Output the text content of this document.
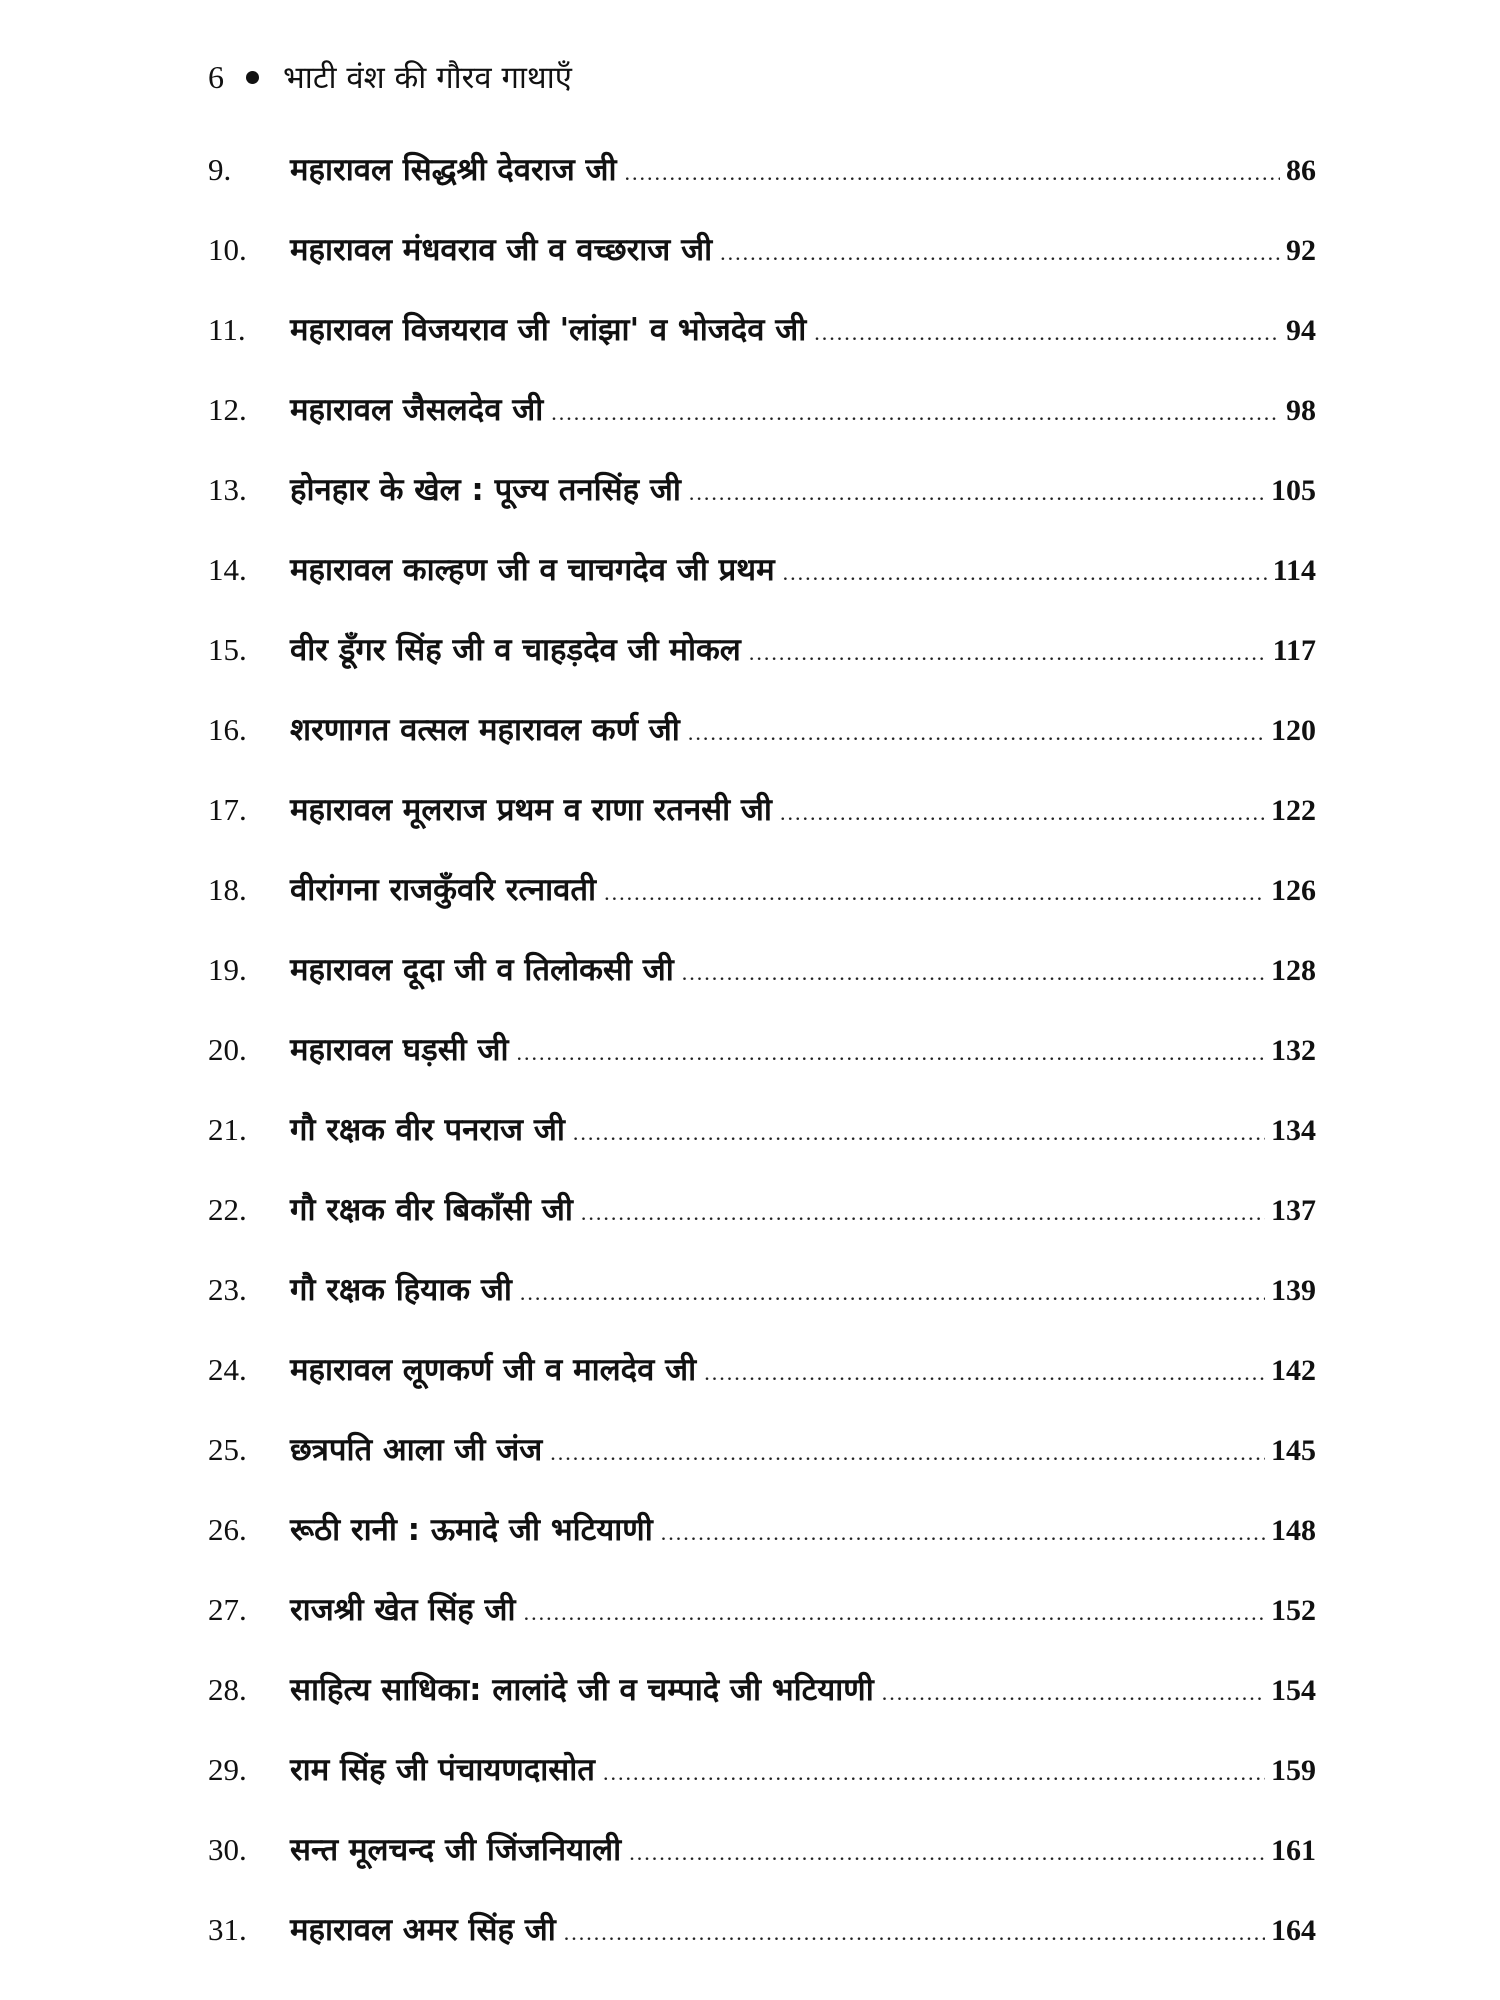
6 भाटी वंश की गौरव गाथाएँ
9.	महारावल सिद्धश्री देवराज जी .....	86
10.	महारावल मंधवराव जी व वच्छराज जी .....	92
11.	महारावल विजयराव जी 'लांझा' व भोजदेव जी .....	94
12.	महारावल जैसलदेव जी .....	98
13.	होनहार के खेल : पूज्य तनसिंह जी .....	105
14.	महारावल काल्हण जी व चाचगदेव जी प्रथम .....	114
15.	वीर डूँगर सिंह जी व चाहड़देव जी मोकल .....	117
16.	शरणागत वत्सल महारावल कर्ण जी .....	120
17.	महारावल मूलराज प्रथम व राणा रतनसी जी .....	122
18.	वीरांगना राजकुँवरि रत्नावती .....	126
19.	महारावल दूदा जी व तिलोकसी जी .....	128
20.	महारावल घड़सी जी .....	132
21.	गौ रक्षक वीर पनराज जी .....	134
22.	गौ रक्षक वीर बिकाँसी जी .....	137
23.	गौ रक्षक हियाक जी .....	139
24.	महारावल लूणकर्ण जी व मालदेव जी .....	142
25.	छत्रपति आला जी जंज .....	145
26.	रूठी रानी : ऊमादे जी भटियाणी .....	148
27.	राजश्री खेत सिंह जी .....	152
28.	साहित्य साधिका: लालांदे जी व चम्पादे जी भटियाणी .....	154
29.	राम सिंह जी पंचायणदासोत .....	159
30.	सन्त मूलचन्द जी जिंजनियाली .....	161
31.	महारावल अमर सिंह जी .....	164
